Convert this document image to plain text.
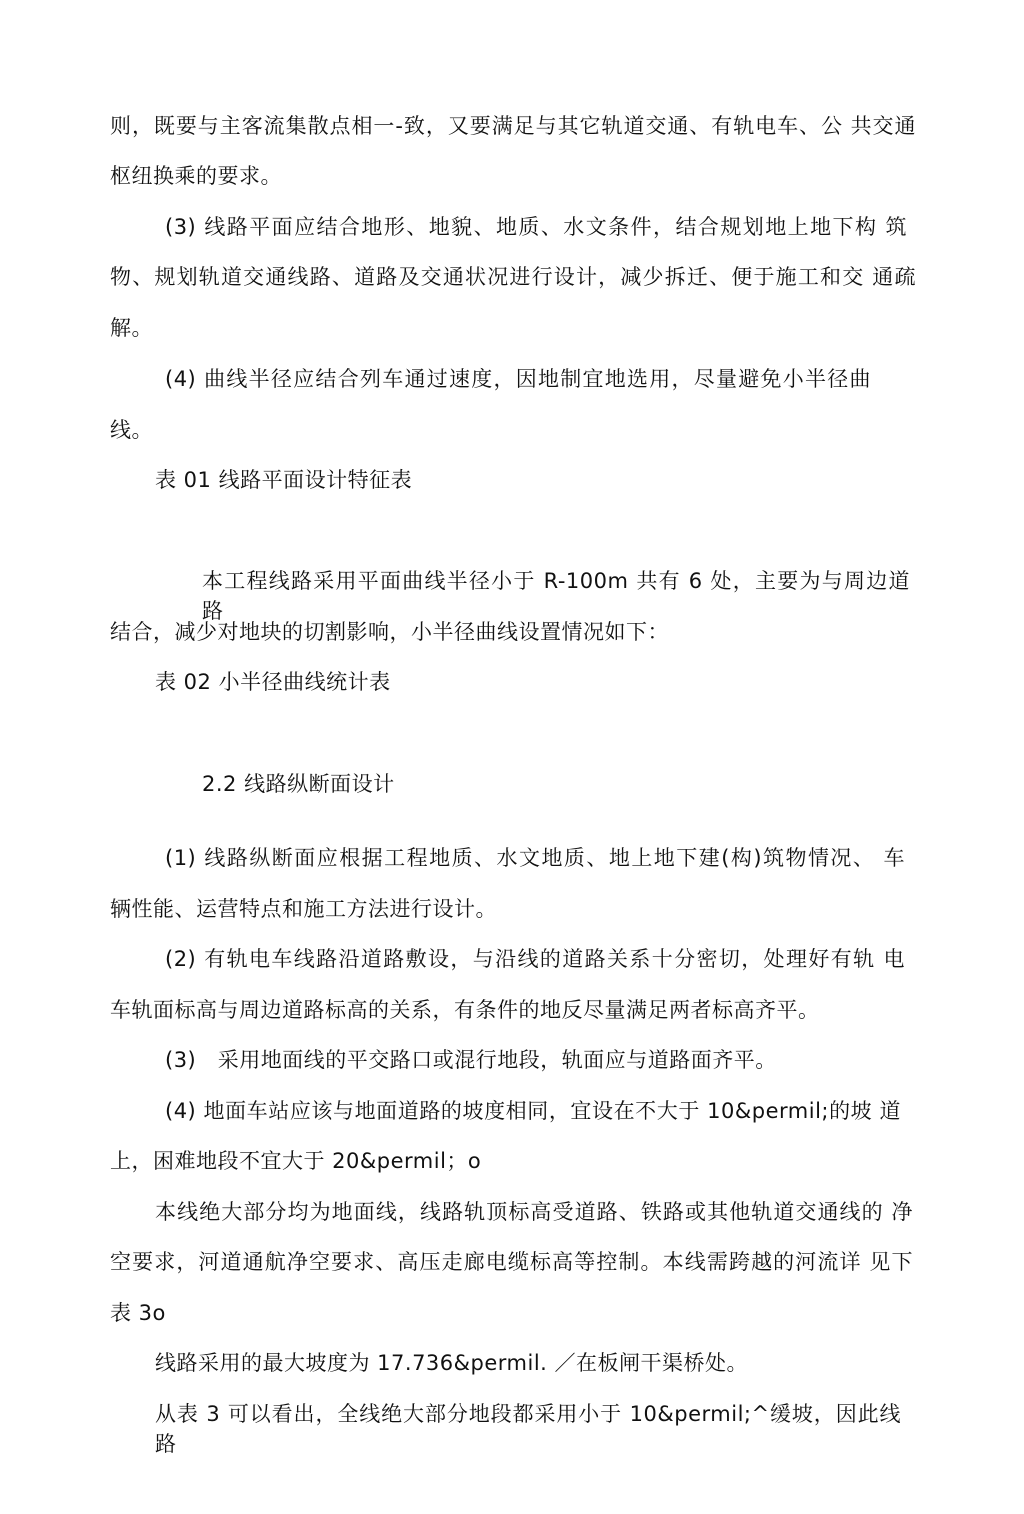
则，既要与主客流集散点相一-致，又要满足与其它轨道交通、有轨电车、公 共交通
枢纽换乘的要求。
(3) 线路平面应结合地形、地貌、地质、水文条件，结合规划地上地下构 筑
物、规划轨道交通线路、道路及交通状况进行设计，减少拆迁、便于施工和交 通疏
解。
(4) 曲线半径应结合列车通过速度，因地制宜地选用，尽量避免小半径曲
线。
表 01 线路平面设计特征表
本工程线路采用平面曲线半径小于 R-100m 共有 6 处，主要为与周边道 路
结合，减少对地块的切割影响，小半径曲线设置情况如下：
表 02 小半径曲线统计表
2.2 线路纵断面设计
(1) 线路纵断面应根据工程地质、水文地质、地上地下建(构)筑物情况、 车
辆性能、运营特点和施工方法进行设计。
(2) 有轨电车线路沿道路敷设，与沿线的道路关系十分密切，处理好有轨 电
车轨面标高与周边道路标高的关系，有条件的地反尽量满足两者标高齐平。
(3)   采用地面线的平交路口或混行地段，轨面应与道路面齐平。
(4) 地面车站应该与地面道路的坡度相同，宜设在不大于 10&permil;的坡 道
上，困难地段不宜大于 20&permil；o
本线绝大部分均为地面线，线路轨顶标高受道路、铁路或其他轨道交通线的 净
空要求，河道通航净空要求、高压走廊电缆标高等控制。本线需跨越的河流详 见下
表 3o
线路采用的最大坡度为 17.736&permil. ／在板闸干渠桥处。
从表 3 可以看出，全线绝大部分地段都采用小于 10&permil;^缓坡，因此线 路
